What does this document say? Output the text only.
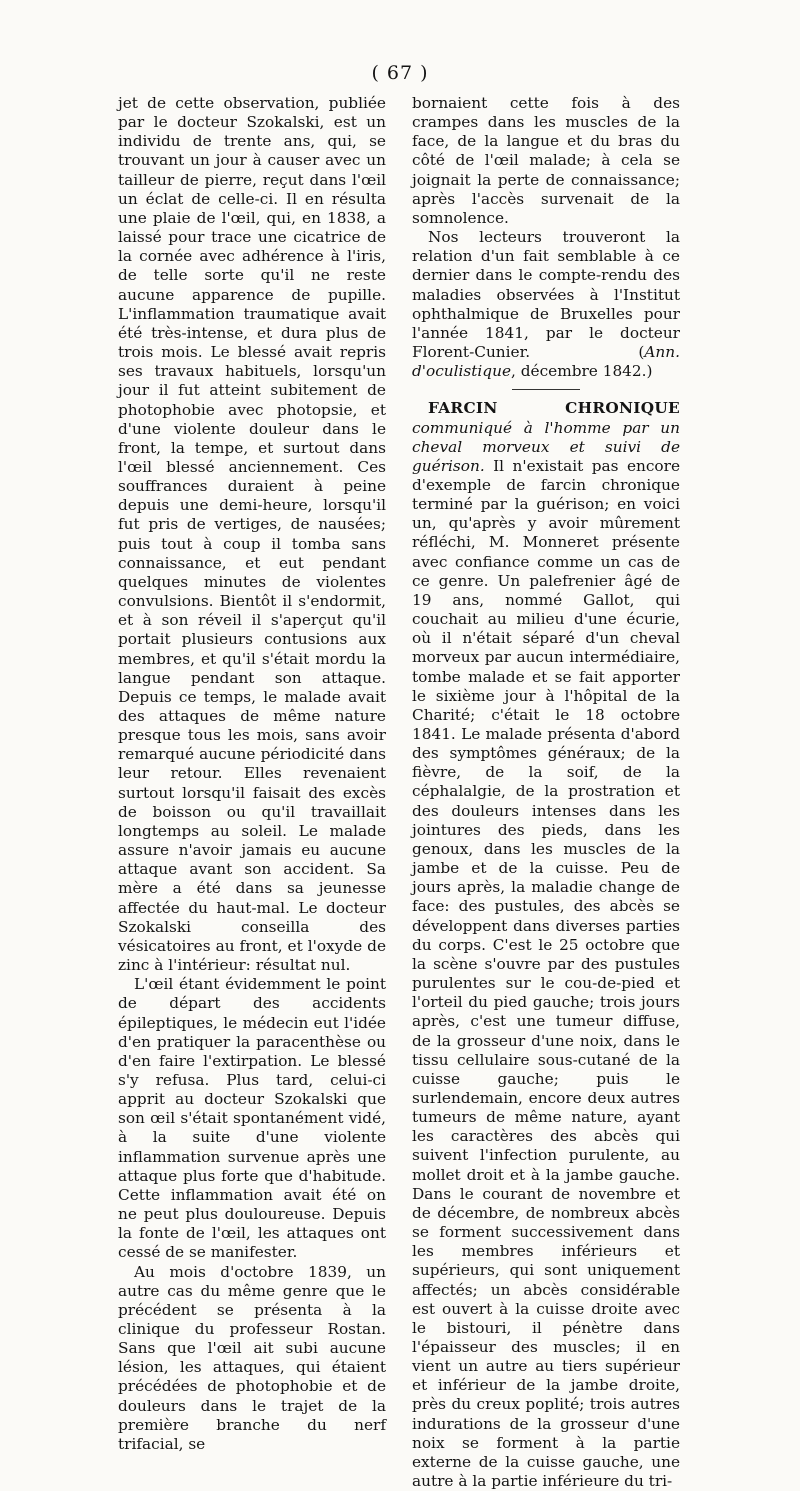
( 67 )

jet de cette observation, publiée par le docteur Szokalski, est un individu de trente ans, qui, se trouvant un jour à causer avec un tailleur de pierre, reçut dans l'œil un éclat de celle-ci. Il en résulta une plaie de l'œil, qui, en 1838, a laissé pour trace une cicatrice de la cornée avec adhérence à l'iris, de telle sorte qu'il ne reste aucune apparence de pupille. L'inflammation traumatique avait été très-intense, et dura plus de trois mois. Le blessé avait repris ses travaux habituels, lorsqu'un jour il fut atteint subitement de photophobie avec photopsie, et d'une violente douleur dans le front, la tempe, et surtout dans l'œil blessé anciennement. Ces souffrances duraient à peine depuis une demi-heure, lorsqu'il fut pris de vertiges, de nausées; puis tout à coup il tomba sans connaissance, et eut pendant quelques minutes de violentes convulsions. Bientôt il s'endormit, et à son réveil il s'aperçut qu'il portait plusieurs contusions aux membres, et qu'il s'était mordu la langue pendant son attaque. Depuis ce temps, le malade avait des attaques de même nature presque tous les mois, sans avoir remarqué aucune périodicité dans leur retour. Elles revenaient surtout lorsqu'il faisait des excès de boisson ou qu'il travaillait longtemps au soleil. Le malade assure n'avoir jamais eu aucune attaque avant son accident. Sa mère a été dans sa jeunesse affectée du haut-mal. Le docteur Szokalski conseilla des vésicatoires au front, et l'oxyde de zinc à l'intérieur: résultat nul.

L'œil étant évidemment le point de départ des accidents épileptiques, le médecin eut l'idée d'en pratiquer la paracenthèse ou d'en faire l'extirpation. Le blessé s'y refusa. Plus tard, celui-ci apprit au docteur Szokalski que son œil s'était spontanément vidé, à la suite d'une violente inflammation survenue après une attaque plus forte que d'habitude. Cette inflammation avait été on ne peut plus douloureuse. Depuis la fonte de l'œil, les attaques ont cessé de se manifester.

Au mois d'octobre 1839, un autre cas du même genre que le précédent se présenta à la clinique du professeur Rostan. Sans que l'œil ait subi aucune lésion, les attaques, qui étaient précédées de photophobie et de douleurs dans le trajet de la première branche du nerf trifacial, se

bornaient cette fois à des crampes dans les muscles de la face, de la langue et du bras du côté de l'œil malade; à cela se joignait la perte de connaissance; après l'accès survenait de la somnolence.

Nos lecteurs trouveront la relation d'un fait semblable à ce dernier dans le compte-rendu des maladies observées à l'Institut ophthalmique de Bruxelles pour l'année 1841, par le docteur Florent-Cunier. (Ann. d'oculistique, décembre 1842.)

FARCIN CHRONIQUE communiqué à l'homme par un cheval morveux et suivi de guérison. Il n'existait pas encore d'exemple de farcin chronique terminé par la guérison; en voici un, qu'après y avoir mûrement réfléchi, M. Monneret présente avec confiance comme un cas de ce genre. Un palefrenier âgé de 19 ans, nommé Gallot, qui couchait au milieu d'une écurie, où il n'était séparé d'un cheval morveux par aucun intermédiaire, tombe malade et se fait apporter le sixième jour à l'hôpital de la Charité; c'était le 18 octobre 1841. Le malade présenta d'abord des symptômes généraux; de la fièvre, de la soif, de la céphalalgie, de la prostration et des douleurs intenses dans les jointures des pieds, dans les genoux, dans les muscles de la jambe et de la cuisse. Peu de jours après, la maladie change de face: des pustules, des abcès se développent dans diverses parties du corps. C'est le 25 octobre que la scène s'ouvre par des pustules purulentes sur le cou-de-pied et l'orteil du pied gauche; trois jours après, c'est une tumeur diffuse, de la grosseur d'une noix, dans le tissu cellulaire sous-cutané de la cuisse gauche; puis le surlendemain, encore deux autres tumeurs de même nature, ayant les caractères des abcès qui suivent l'infection purulente, au mollet droit et à la jambe gauche. Dans le courant de novembre et de décembre, de nombreux abcès se forment successivement dans les membres inférieurs et supérieurs, qui sont uniquement affectés; un abcès considérable est ouvert à la cuisse droite avec le bistouri, il pénètre dans l'épaisseur des muscles; il en vient un autre au tiers supérieur et inférieur de la jambe droite, près du creux poplité; trois autres indurations de la grosseur d'une noix se forment à la partie externe de la cuisse gauche, une autre à la partie inférieure du tri-
